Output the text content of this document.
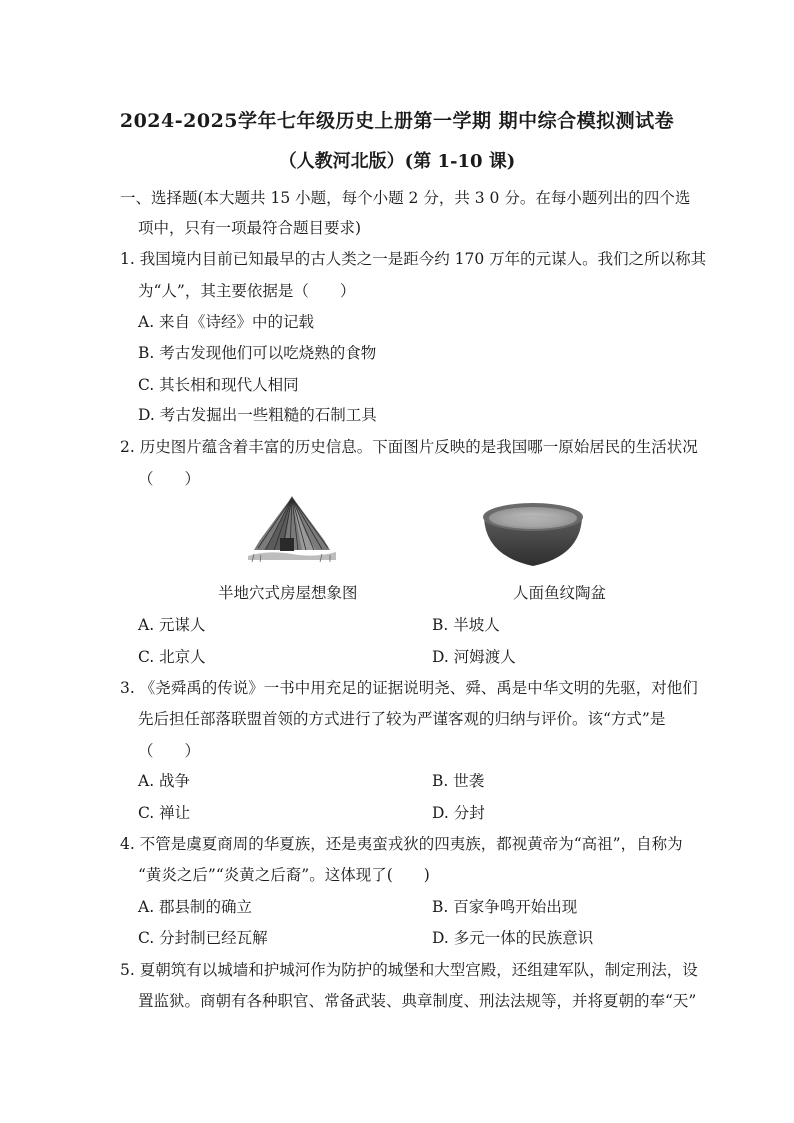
2024-2025学年七年级历史上册第一学期 期中综合模拟测试卷
（人教河北版）(第 1-10 课)
一、选择题(本大题共 15 小题，每个小题 2 分，共 3 0 分。在每小题列出的四个选
项中，只有一项最符合题目要求)
1. 我国境内目前已知最早的古人类之一是距今约 170 万年的元谋人。我们之所以称其
为“人”，其主要依据是（　　）
A. 来自《诗经》中的记载
B. 考古发现他们可以吃烧熟的食物
C. 其长相和现代人相同
D. 考古发掘出一些粗糙的石制工具
2. 历史图片蕴含着丰富的历史信息。下面图片反映的是我国哪一原始居民的生活状况
（　　）
半地穴式房屋想象图	人面鱼纹陶盆
A. 元谋人	B. 半坡人
C. 北京人	D. 河姆渡人
3. 《尧舜禹的传说》一书中用充足的证据说明尧、舜、禹是中华文明的先驱，对他们
先后担任部落联盟首领的方式进行了较为严谨客观的归纳与评价。该“方式”是
（　　）
A. 战争	B. 世袭
C. 禅让	D. 分封
4. 不管是虞夏商周的华夏族，还是夷蛮戎狄的四夷族，都视黄帝为“高祖”，自称为
“黄炎之后”“炎黄之后裔”。这体现了(　　)
A. 郡县制的确立	B. 百家争鸣开始出现
C. 分封制已经瓦解	D. 多元一体的民族意识
5. 夏朝筑有以城墙和护城河作为防护的城堡和大型宫殿，还组建军队，制定刑法，设
置监狱。商朝有各种职官、常备武装、典章制度、刑法法规等，并将夏朝的奉“天”
